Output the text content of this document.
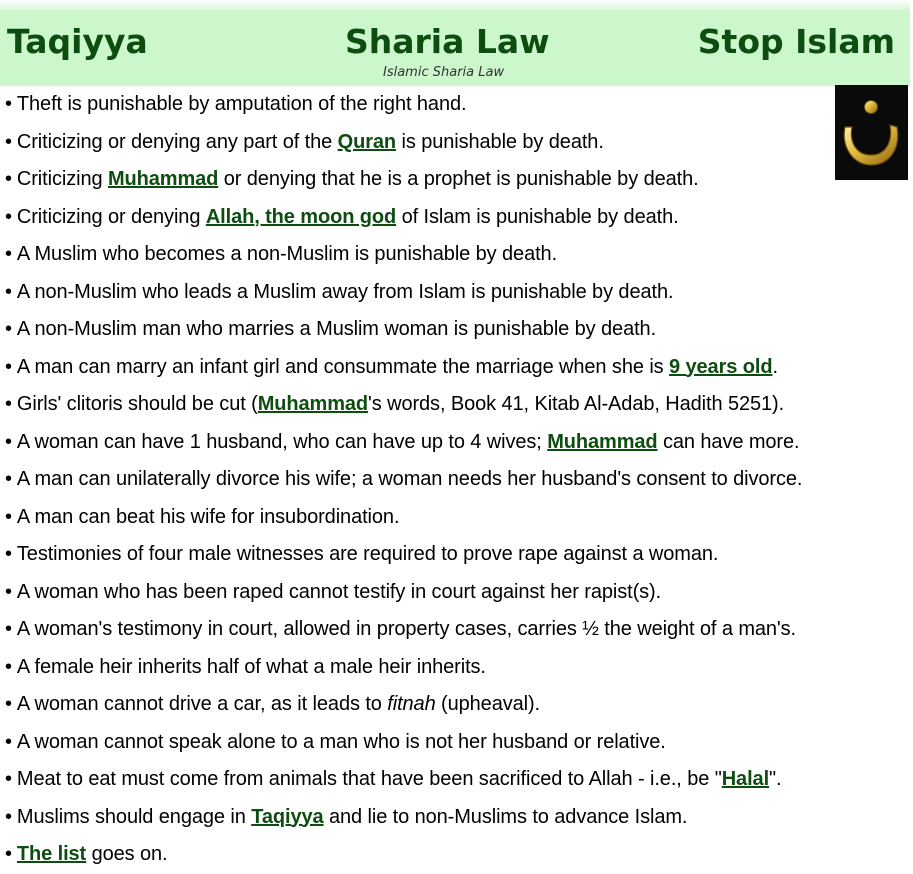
Taqiyya	Sharia Law	Stop Islam
Islamic Sharia Law
• Theft is punishable by amputation of the right hand.
• Criticizing or denying any part of the Quran is punishable by death.
• Criticizing Muhammad or denying that he is a prophet is punishable by death.
• Criticizing or denying Allah, the moon god of Islam is punishable by death.
• A Muslim who becomes a non-Muslim is punishable by death.
• A non-Muslim who leads a Muslim away from Islam is punishable by death.
• A non-Muslim man who marries a Muslim woman is punishable by death.
• A man can marry an infant girl and consummate the marriage when she is 9 years old.
• Girls' clitoris should be cut (Muhammad's words, Book 41, Kitab Al-Adab, Hadith 5251).
• A woman can have 1 husband, who can have up to 4 wives; Muhammad can have more.
• A man can unilaterally divorce his wife; a woman needs her husband's consent to divorce.
• A man can beat his wife for insubordination.
• Testimonies of four male witnesses are required to prove rape against a woman.
• A woman who has been raped cannot testify in court against her rapist(s).
• A woman's testimony in court, allowed in property cases, carries ½ the weight of a man's.
• A female heir inherits half of what a male heir inherits.
• A woman cannot drive a car, as it leads to fitnah (upheaval).
• A woman cannot speak alone to a man who is not her husband or relative.
• Meat to eat must come from animals that have been sacrificed to Allah - i.e., be "Halal".
• Muslims should engage in Taqiyya and lie to non-Muslims to advance Islam.
• The list goes on.
